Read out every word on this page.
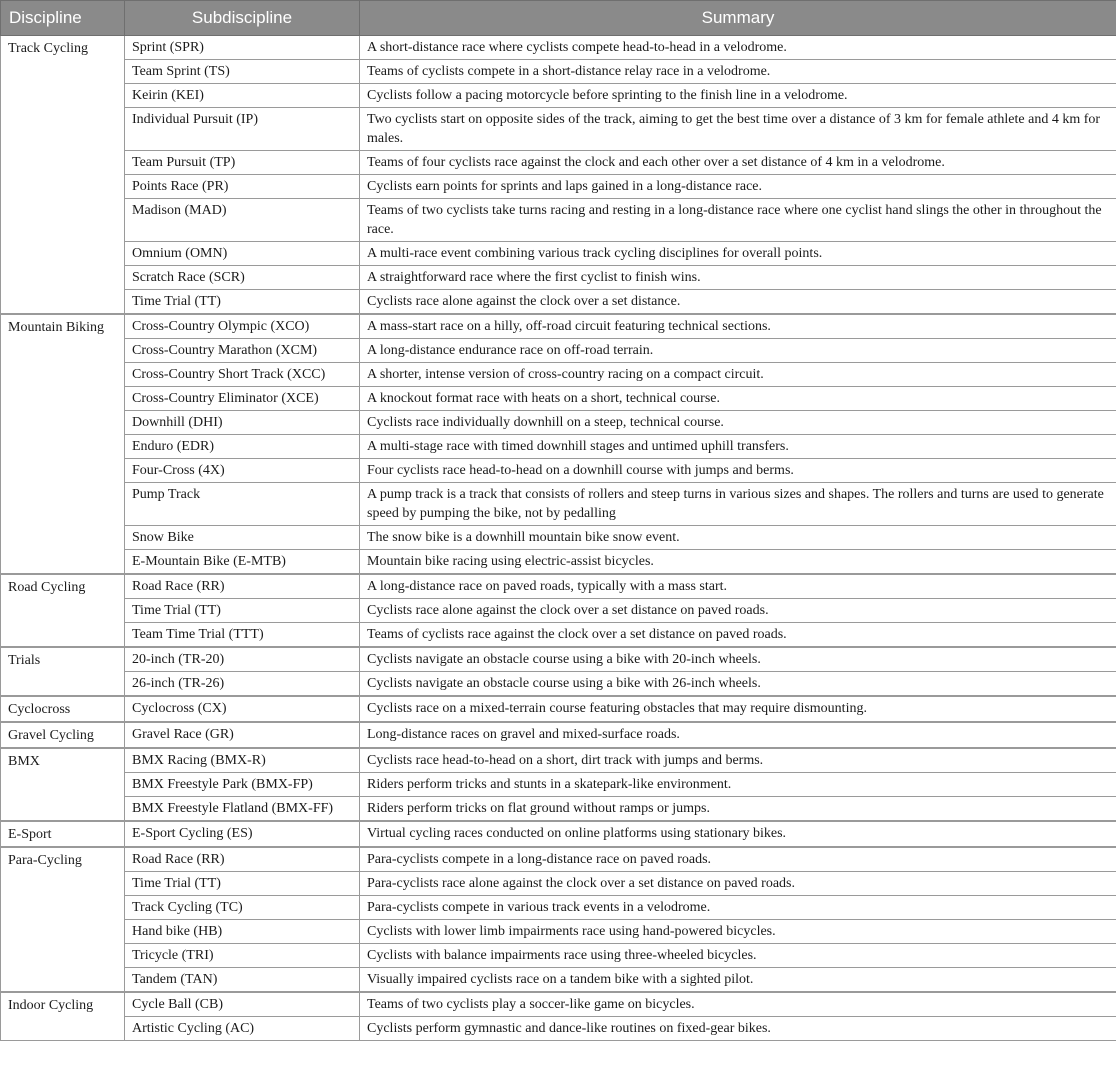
Discipline	Subdiscipline	Summary
Track Cycling	Sprint (SPR)	A short-distance race where cyclists compete head-to-head in a velodrome.
	Team Sprint (TS)	Teams of cyclists compete in a short-distance relay race in a velodrome.
	Keirin (KEI)	Cyclists follow a pacing motorcycle before sprinting to the finish line in a velodrome.
	Individual Pursuit (IP)	Two cyclists start on opposite sides of the track, aiming to get the best time over a distance of 3 km for female athlete and 4 km for males.
	Team Pursuit (TP)	Teams of four cyclists race against the clock and each other over a set distance of 4 km in a velodrome.
	Points Race (PR)	Cyclists earn points for sprints and laps gained in a long-distance race.
	Madison (MAD)	Teams of two cyclists take turns racing and resting in a long-distance race where one cyclist hand slings the other in throughout the race.
	Omnium (OMN)	A multi-race event combining various track cycling disciplines for overall points.
	Scratch Race (SCR)	A straightforward race where the first cyclist to finish wins.
	Time Trial (TT)	Cyclists race alone against the clock over a set distance.
Mountain Biking	Cross-Country Olympic (XCO)	A mass-start race on a hilly, off-road circuit featuring technical sections.
	Cross-Country Marathon (XCM)	A long-distance endurance race on off-road terrain.
	Cross-Country Short Track (XCC)	A shorter, intense version of cross-country racing on a compact circuit.
	Cross-Country Eliminator (XCE)	A knockout format race with heats on a short, technical course.
	Downhill (DHI)	Cyclists race individually downhill on a steep, technical course.
	Enduro (EDR)	A multi-stage race with timed downhill stages and untimed uphill transfers.
	Four-Cross (4X)	Four cyclists race head-to-head on a downhill course with jumps and berms.
	Pump Track	A pump track is a track that consists of rollers and steep turns in various sizes and shapes. The rollers and turns are used to generate speed by pumping the bike, not by pedalling
	Snow Bike	The snow bike is a downhill mountain bike snow event.
	E-Mountain Bike (E-MTB)	Mountain bike racing using electric-assist bicycles.
Road Cycling	Road Race (RR)	A long-distance race on paved roads, typically with a mass start.
	Time Trial (TT)	Cyclists race alone against the clock over a set distance on paved roads.
	Team Time Trial (TTT)	Teams of cyclists race against the clock over a set distance on paved roads.
Trials	20-inch (TR-20)	Cyclists navigate an obstacle course using a bike with 20-inch wheels.
	26-inch (TR-26)	Cyclists navigate an obstacle course using a bike with 26-inch wheels.
Cyclocross	Cyclocross (CX)	Cyclists race on a mixed-terrain course featuring obstacles that may require dismounting.
Gravel Cycling	Gravel Race (GR)	Long-distance races on gravel and mixed-surface roads.
BMX	BMX Racing (BMX-R)	Cyclists race head-to-head on a short, dirt track with jumps and berms.
	BMX Freestyle Park (BMX-FP)	Riders perform tricks and stunts in a skatepark-like environment.
	BMX Freestyle Flatland (BMX-FF)	Riders perform tricks on flat ground without ramps or jumps.
E-Sport	E-Sport Cycling (ES)	Virtual cycling races conducted on online platforms using stationary bikes.
Para-Cycling	Road Race (RR)	Para-cyclists compete in a long-distance race on paved roads.
	Time Trial (TT)	Para-cyclists race alone against the clock over a set distance on paved roads.
	Track Cycling (TC)	Para-cyclists compete in various track events in a velodrome.
	Hand bike (HB)	Cyclists with lower limb impairments race using hand-powered bicycles.
	Tricycle (TRI)	Cyclists with balance impairments race using three-wheeled bicycles.
	Tandem (TAN)	Visually impaired cyclists race on a tandem bike with a sighted pilot.
Indoor Cycling	Cycle Ball (CB)	Teams of two cyclists play a soccer-like game on bicycles.
	Artistic Cycling (AC)	Cyclists perform gymnastic and dance-like routines on fixed-gear bikes.
